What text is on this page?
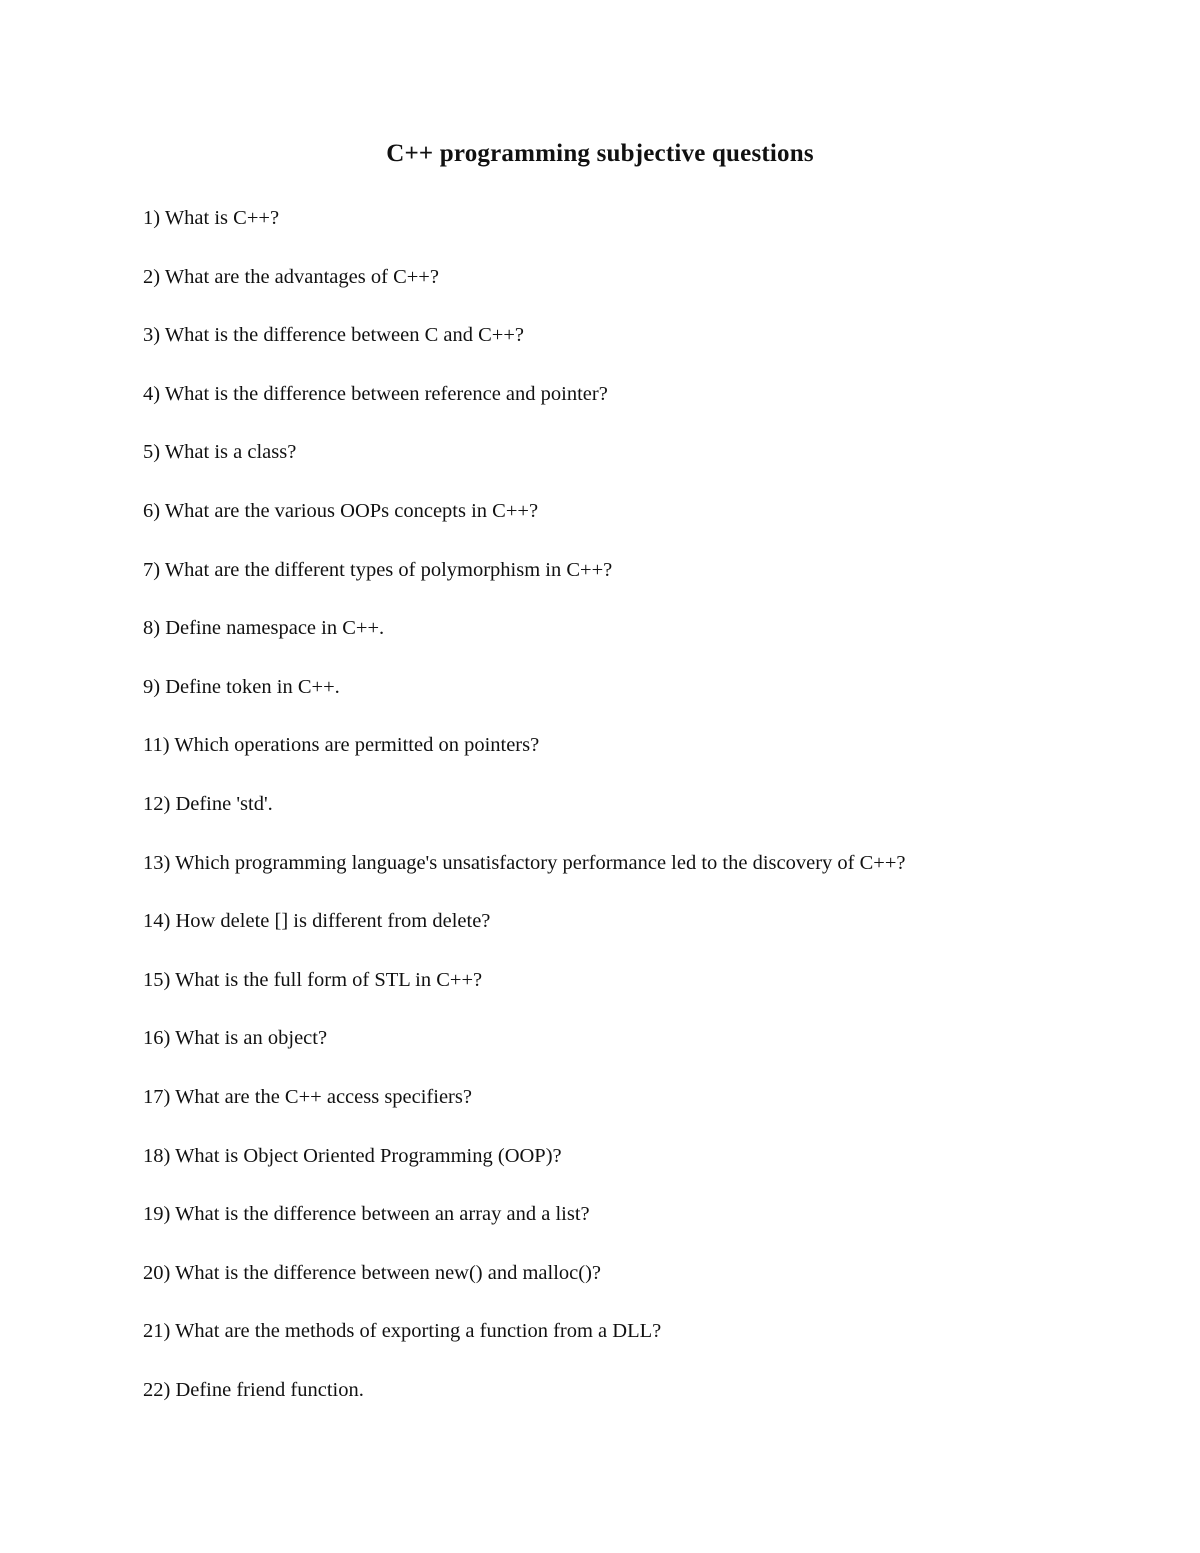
C++ programming subjective questions
1) What is C++?
2) What are the advantages of C++?
3) What is the difference between C and C++?
4) What is the difference between reference and pointer?
5) What is a class?
6) What are the various OOPs concepts in C++?
7) What are the different types of polymorphism in C++?
8) Define namespace in C++.
9) Define token in C++.
11) Which operations are permitted on pointers?
12) Define 'std'.
13) Which programming language's unsatisfactory performance led to the discovery of C++?
14) How delete [] is different from delete?
15) What is the full form of STL in C++?
16) What is an object?
17) What are the C++ access specifiers?
18) What is Object Oriented Programming (OOP)?
19) What is the difference between an array and a list?
20) What is the difference between new() and malloc()?
21) What are the methods of exporting a function from a DLL?
22) Define friend function.
